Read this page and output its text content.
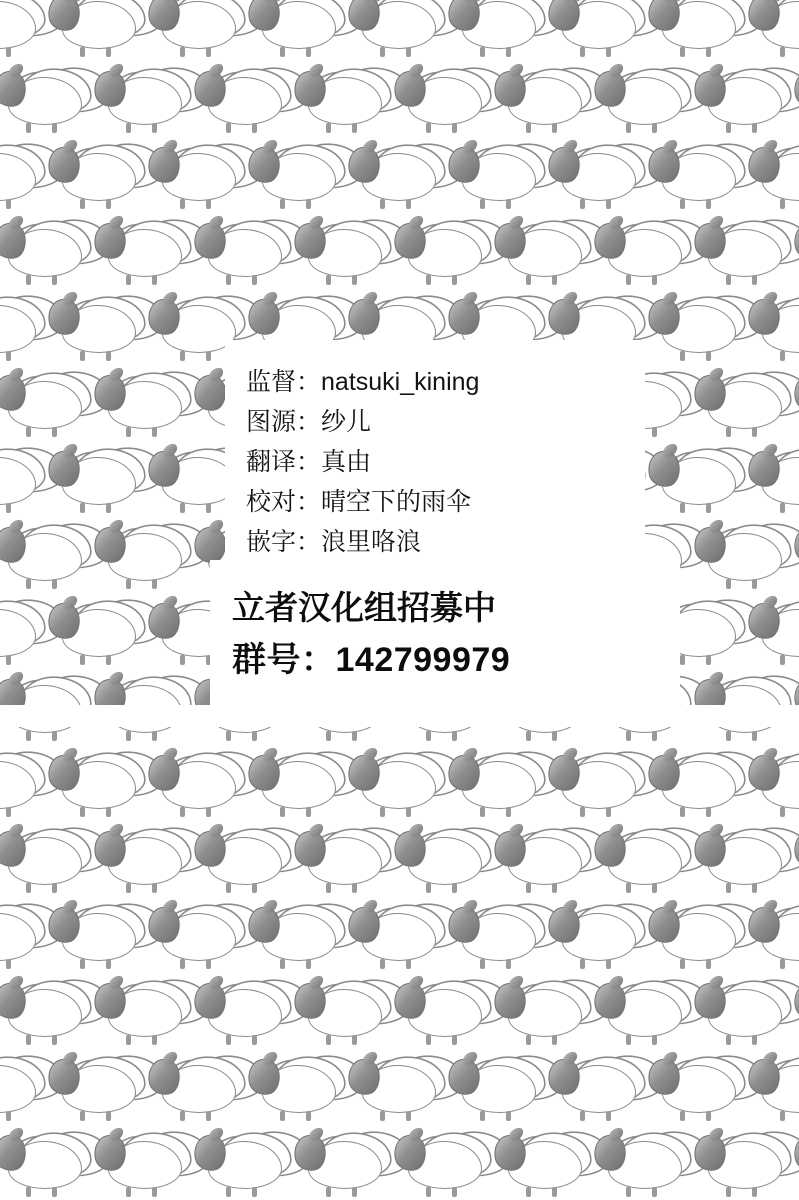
监督：natsuki_kining
图源：纱儿
翻译：真由
校对：晴空下的雨伞
嵌字：浪里咯浪
立者汉化组招募中
群号：142799979
